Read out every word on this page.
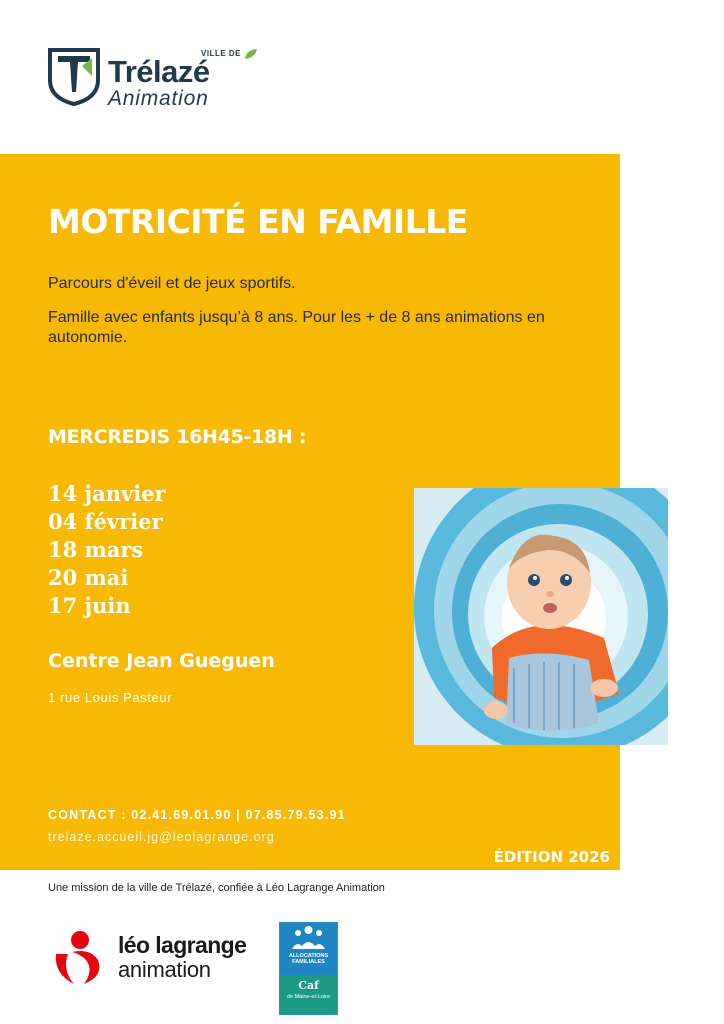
VILLE DE
Trélazé
Animation
MOTRICITÉ EN FAMILLE

Parcours d'éveil et de jeux sportifs.

Famille avec enfants jusqu’à 8 ans. Pour les + de 8 ans animations en autonomie.

MERCREDIS 16H45-18H :
14 janvier
04 février
18 mars
20 mai
17 juin
Centre Jean Gueguen
1 rue Louis Pasteur
CONTACT : 02.41.69.01.90 | 07.85.79.53.91
trelaze.accueil.jg@leolagrange.org
ÉDITION 2026
Une mission de la ville de Trélazé, confiée à Léo Lagrange Animation
léo lagrange
animation
ALLOCATIONS FAMILIALES
Caf
de Maine-et-Loire
